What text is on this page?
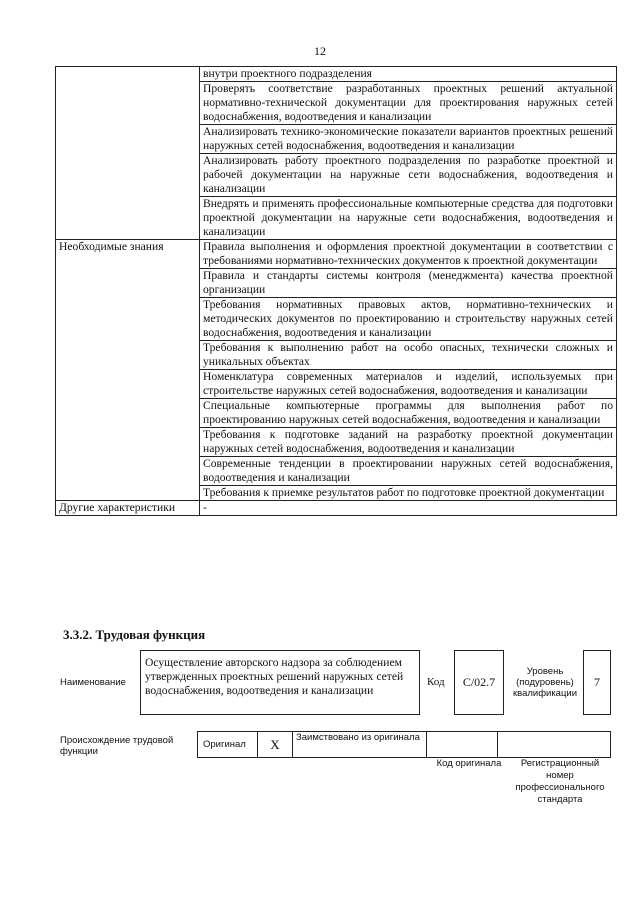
12
	внутри проектного подразделения
	Проверять соответствие разработанных проектных решений актуальной нормативно-технической документации для проектирования наружных сетей водоснабжения, водоотведения и канализации
	Анализировать технико-экономические показатели вариантов проектных решений наружных сетей водоснабжения, водоотведения и канализации
	Анализировать работу проектного подразделения по разработке проектной и рабочей документации на наружные сети водоснабжения, водоотведения и канализации
	Внедрять и применять профессиональные компьютерные средства для подготовки проектной документации на наружные сети водоснабжения, водоотведения и канализации
Необходимые знания	Правила выполнения и оформления проектной документации в соответствии с требованиями нормативно-технических документов к проектной документации
	Правила и стандарты системы контроля (менеджмента) качества проектной организации
	Требования нормативных правовых актов, нормативно-технических и методических документов по проектированию и строительству наружных сетей водоснабжения, водоотведения и канализации
	Требования к выполнению работ на особо опасных, технически сложных и уникальных объектах
	Номенклатура современных материалов и изделий, используемых при строительстве наружных сетей водоснабжения, водоотведения и канализации
	Специальные компьютерные программы для выполнения работ по проектированию наружных сетей водоснабжения, водоотведения и канализации
	Требования к подготовке заданий на разработку проектной документации наружных сетей водоснабжения, водоотведения и канализации
	Современные тенденции в проектировании наружных сетей водоснабжения, водоотведения и канализации
	Требования к приемке результатов работ по подготовке проектной документации
Другие характеристики	-
3.3.2. Трудовая функция
Наименование	Осуществление авторского надзора за соблюдением утвержденных проектных решений наружных сетей водоснабжения, водоотведения и канализации		Код		С/02.7		Уровень (подуровень) квалификации		7
Происхождение трудовой функции	Оригинал	X	Заимствовано из оригинала		
Код оригинала	Регистрационный номер профессионального стандарта
